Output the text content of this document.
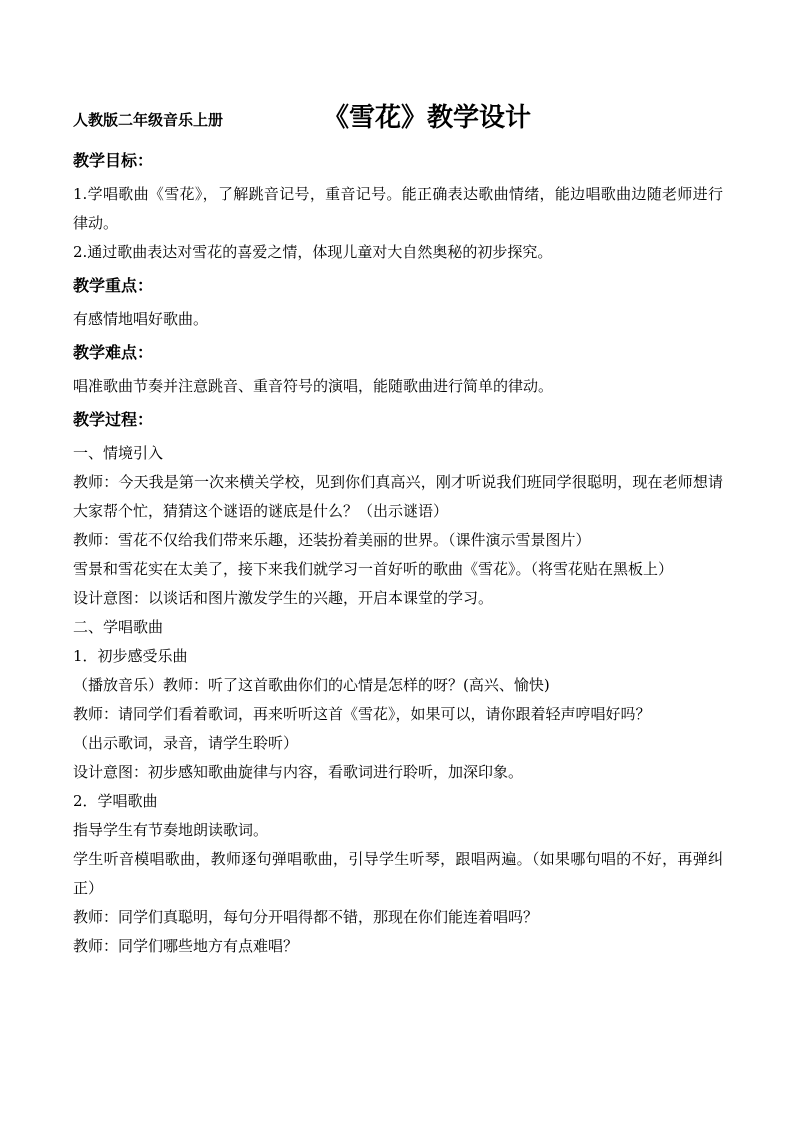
人教版二年级音乐上册	《雪花》教学设计

教学目标：

1.学唱歌曲《雪花》，了解跳音记号，重音记号。能正确表达歌曲情绪，能边唱歌曲边随老师进行律动。

2.通过歌曲表达对雪花的喜爱之情，体现儿童对大自然奥秘的初步探究。

教学重点：

有感情地唱好歌曲。

教学难点：

唱准歌曲节奏并注意跳音、重音符号的演唱，能随歌曲进行简单的律动。

教学过程：

一、情境引入

教师：今天我是第一次来横关学校，见到你们真高兴，刚才听说我们班同学很聪明，现在老师想请大家帮个忙，猜猜这个谜语的谜底是什么？（出示谜语）

教师：雪花不仅给我们带来乐趣，还装扮着美丽的世界。（课件演示雪景图片）

雪景和雪花实在太美了，接下来我们就学习一首好听的歌曲《雪花》。（将雪花贴在黑板上）

设计意图：以谈话和图片激发学生的兴趣，开启本课堂的学习。

二、学唱歌曲

1．初步感受乐曲

（播放音乐）教师：听了这首歌曲你们的心情是怎样的呀？(高兴、愉快)

教师：请同学们看着歌词，再来听听这首《雪花》，如果可以，请你跟着轻声哼唱好吗？

（出示歌词，录音，请学生聆听）

设计意图：初步感知歌曲旋律与内容，看歌词进行聆听，加深印象。

2．学唱歌曲

指导学生有节奏地朗读歌词。

学生听音模唱歌曲，教师逐句弹唱歌曲，引导学生听琴，跟唱两遍。（如果哪句唱的不好，再弹纠正）

教师：同学们真聪明，每句分开唱得都不错，那现在你们能连着唱吗？

教师：同学们哪些地方有点难唱？
